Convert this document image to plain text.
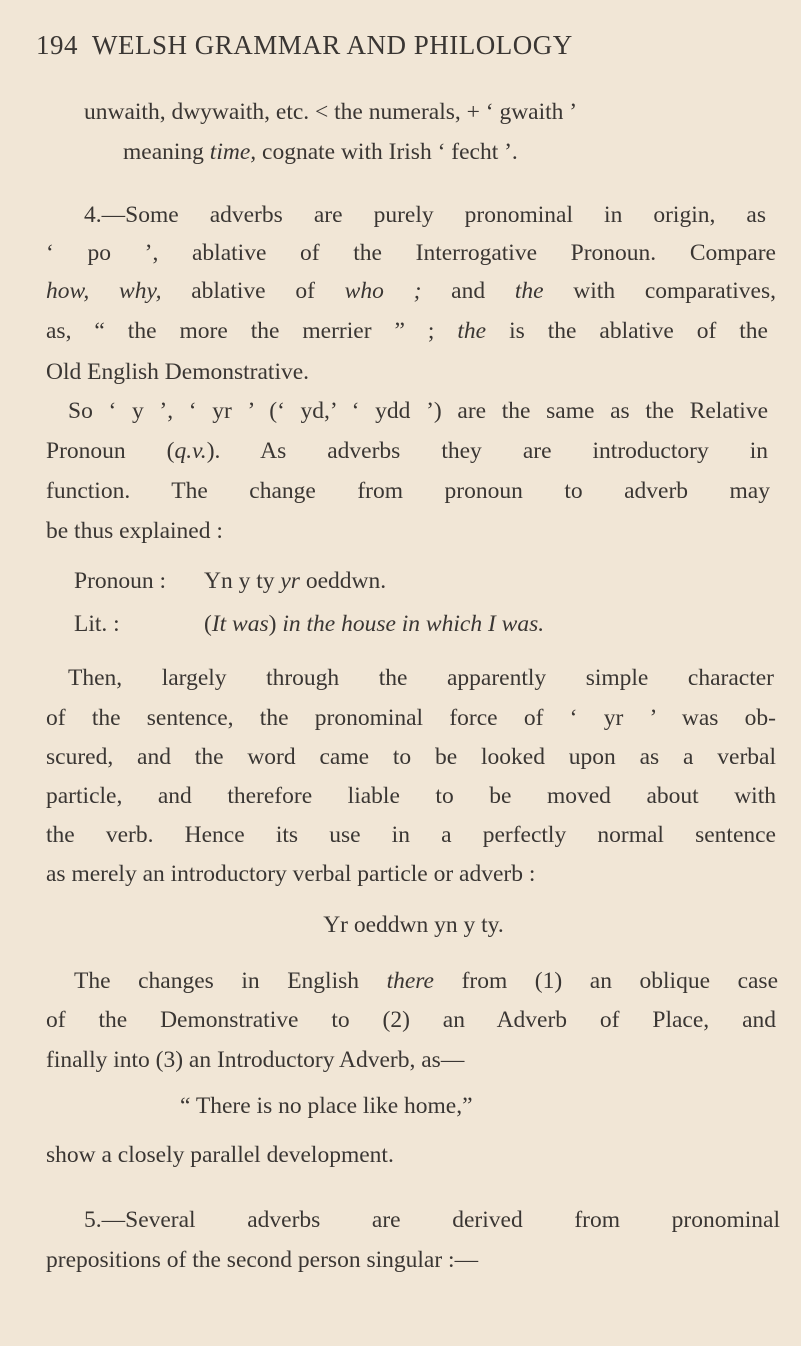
194 WELSH GRAMMAR AND PHILOLOGY
unwaith, dwywaith, etc. < the numerals, + ‘ gwaith ’
meaning time, cognate with Irish ‘ fecht ’.
4.—Some adverbs are purely pronominal in origin, as
‘ po ’, ablative of the Interrogative Pronoun. Compare
how, why, ablative of who ; and the with comparatives,
as, “ the more the merrier ” ; the is the ablative of the
Old English Demonstrative.
So ‘ y ’, ‘ yr ’ (‘ yd,’ ‘ ydd ’) are the same as the Relative
Pronoun (q.v.). As adverbs they are introductory in
function. The change from pronoun to adverb may
be thus explained :
Pronoun : Yn y ty yr oeddwn.
Lit. :	(It was) in the house in which I was.
Then, largely through the apparently simple character
of the sentence, the pronominal force of ‘ yr ’ was ob-
scured, and the word came to be looked upon as a verbal
particle, and therefore liable to be moved about with
the verb. Hence its use in a perfectly normal sentence
as merely an introductory verbal particle or adverb :
Yr oeddwn yn y ty.
The changes in English there from (1) an oblique case
of the Demonstrative to (2) an Adverb of Place, and
finally into (3) an Introductory Adverb, as—
“ There is no place like home,”
show a closely parallel development.
5.—Several adverbs are derived from pronominal
prepositions of the second person singular :—
